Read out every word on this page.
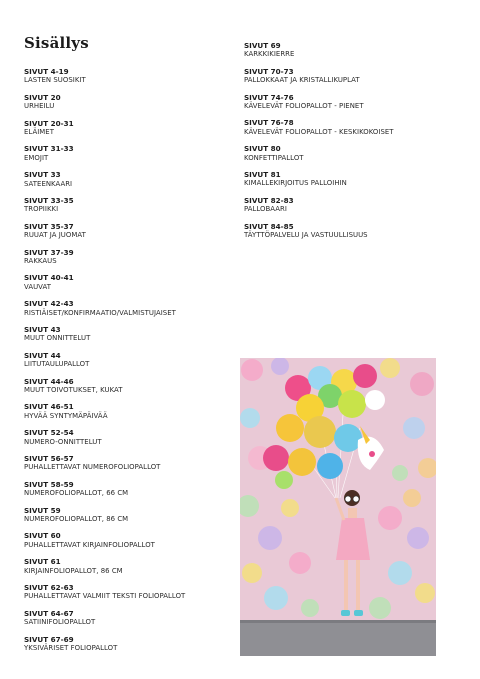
Sisällys
SIVUT 4-19
LASTEN SUOSIKIT
SIVUT 20
URHEILU
SIVUT 20-31
ELÄIMET
SIVUT 31-33
EMOJIT
SIVUT 33
SATEENKAARI
SIVUT 33-35
TROPIIKKI
SIVUT 35-37
RUUAT JA JUOMAT
SIVUT 37-39
RAKKAUS
SIVUT 40-41
VAUVAT
SIVUT 42-43
RISTIÄISET/KONFIRMAATIO/VALMISTUJAISET
SIVUT 43
MUUT ONNITTELUT
SIVUT 44
LIITUTAULUPALLOT
SIVUT 44-46
MUUT TOIVOTUKSET, KUKAT
SIVUT 46-51
HYVÄÄ SYNTYMÄPÄIVÄÄ
SIVUT 52-54
NUMERO-ONNITTELUT
SIVUT 56-57
PUHALLETTAVAT NUMEROFOLIOPALLOT
SIVUT 58-59
NUMEROFOLIOPALLOT, 66 CM
SIVUT 59
NUMEROFOLIOPALLOT, 86 CM
SIVUT 60
PUHALLETTAVAT KIRJAINFOLIOPALLOT
SIVUT 61
KIRJAINFOLIOPALLOT, 86 CM
SIVUT 62-63
PUHALLETTAVAT VALMIIT TEKSTI FOLIOPALLOT
SIVUT 64-67
SATIINIFOLIOPALLOT
SIVUT 67-69
YKSIVÄRISET FOLIOPALLOT
SIVUT 69
KARKKIKIERRE
SIVUT 70-73
PALLOKKAAT JA KRISTALLIKUPLAT
SIVUT 74-76
KÄVELEVÄT FOLIOPALLOT - PIENET
SIVUT 76-78
KÄVELEVÄT FOLIOPALLOT - KESKIKOKOISET
SIVUT 80
KONFETTIPALLOT
SIVUT 81
KIMALLEKIRJOITUS PALLOIHIN
SIVUT 82-83
PALLOBAARI
SIVUT 84-85
TÄYTTÖPALVELU JA VASTUULLISUUS
